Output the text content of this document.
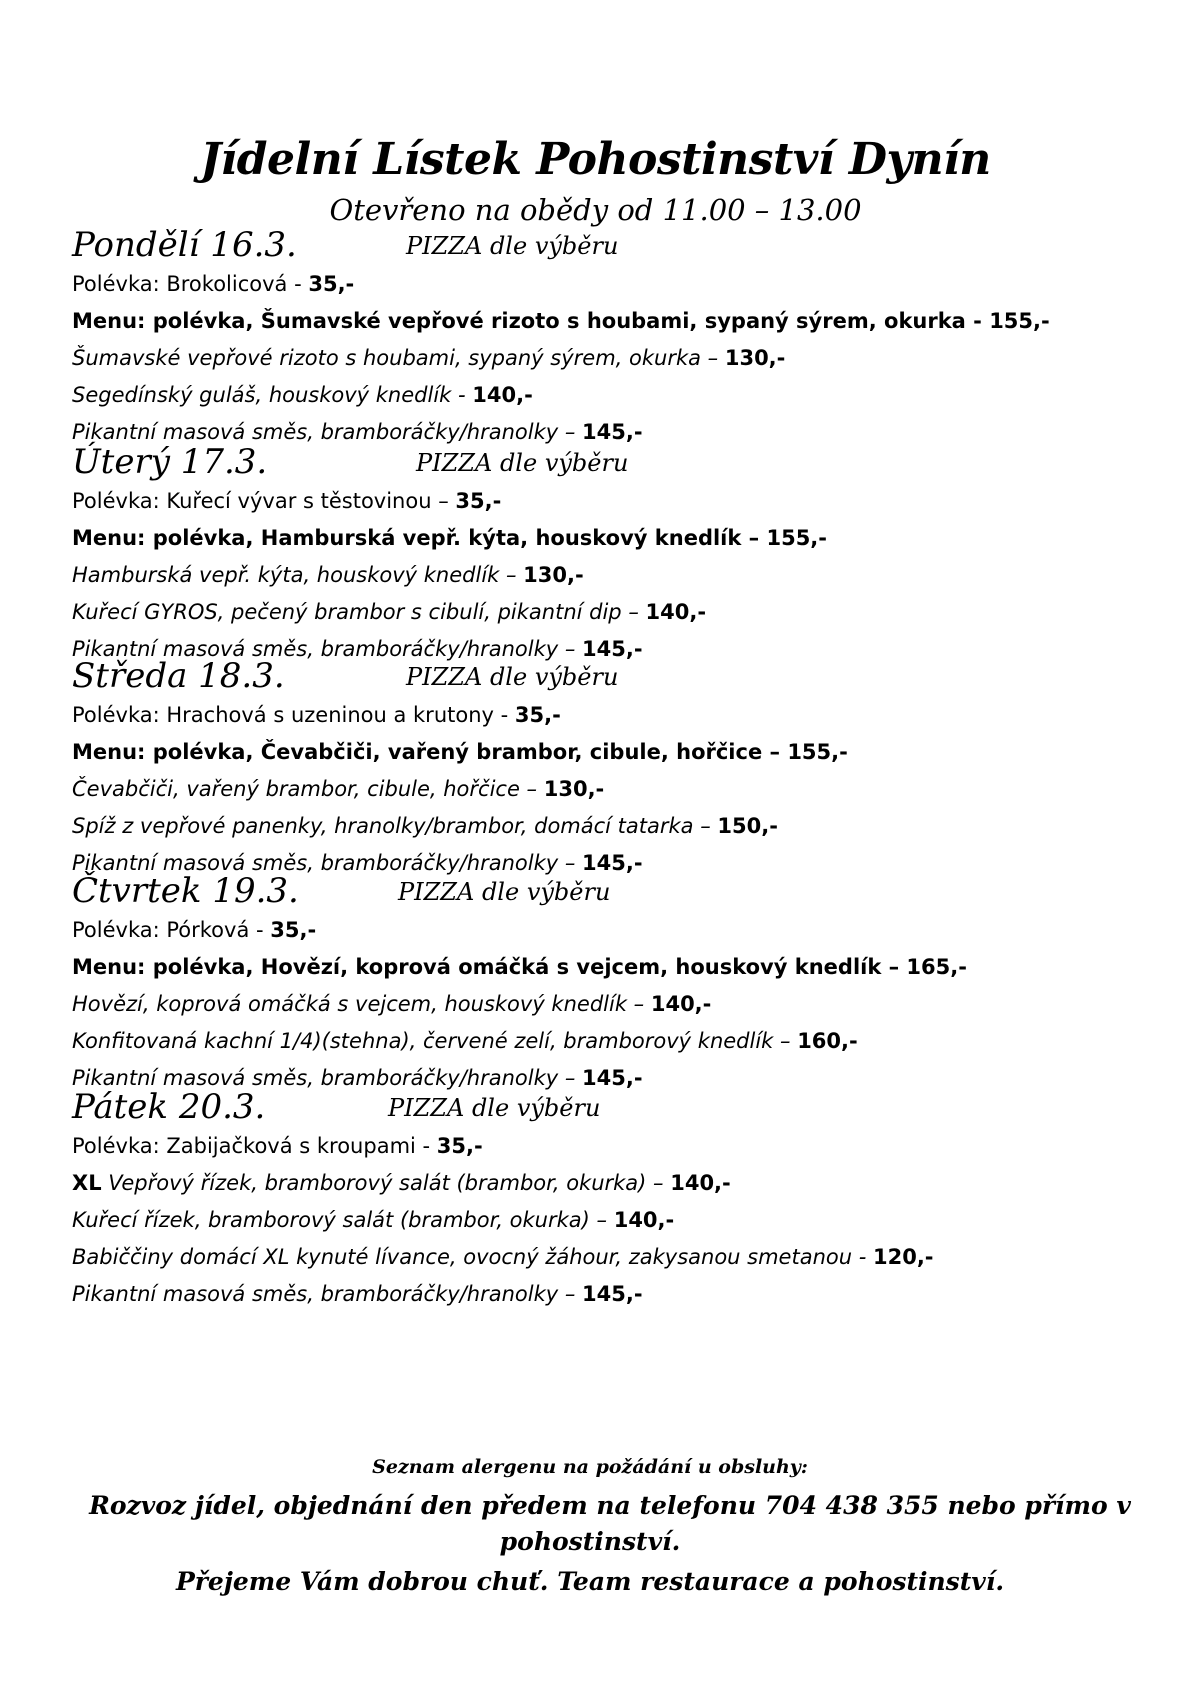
Jídelní Lístek Pohostinství Dynín

Otevřeno na obědy od 11.00 – 13.00

Pondělí 16.3.	PIZZA dle výběru
Polévka: Brokolicová - 35,-
Menu: polévka, Šumavské vepřové rizoto s houbami, sypaný sýrem, okurka - 155,-
Šumavské vepřové rizoto s houbami, sypaný sýrem, okurka – 130,-
Segedínský guláš, houskový knedlík - 140,-
Pikantní masová směs, bramboráčky/hranolky – 145,-
Úterý 17.3.	PIZZA dle výběru
Polévka: Kuřecí vývar s těstovinou – 35,-
Menu: polévka, Hamburská vepř. kýta, houskový knedlík – 155,-
Hamburská vepř. kýta, houskový knedlík – 130,-
Kuřecí GYROS, pečený brambor s cibulí, pikantní dip – 140,-
Pikantní masová směs, bramboráčky/hranolky – 145,-
Středa 18.3.	PIZZA dle výběru
Polévka: Hrachová s uzeninou a krutony - 35,-
Menu: polévka, Čevabčiči, vařený brambor, cibule, hořčice – 155,-
Čevabčiči, vařený brambor, cibule, hořčice – 130,-
Spíž z vepřové panenky, hranolky/brambor, domácí tatarka – 150,-
Pikantní masová směs, bramboráčky/hranolky – 145,-
Čtvrtek 19.3.	PIZZA dle výběru
Polévka: Pórková - 35,-
Menu: polévka, Hovězí, koprová omáčká s vejcem, houskový knedlík – 165,-
Hovězí, koprová omáčká s vejcem, houskový knedlík – 140,-
Konfitovaná kachní 1/4)(stehna), červené zelí, bramborový knedlík – 160,-
Pikantní masová směs, bramboráčky/hranolky – 145,-
Pátek 20.3.	PIZZA dle výběru
Polévka: Zabijačková s kroupami - 35,-
XL Vepřový řízek, bramborový salát (brambor, okurka) – 140,-
Kuřecí řízek, bramborový salát (brambor, okurka) – 140,-
Babiččiny domácí XL kynuté lívance, ovocný žáhour, zakysanou smetanou - 120,-
Pikantní masová směs, bramboráčky/hranolky – 145,-
Seznam alergenu na požádání u obsluhy:
Rozvoz jídel, objednání den předem na telefonu 704 438 355 nebo přímo v
pohostinství.
Přejeme Vám dobrou chuť. Team restaurace a pohostinství.
